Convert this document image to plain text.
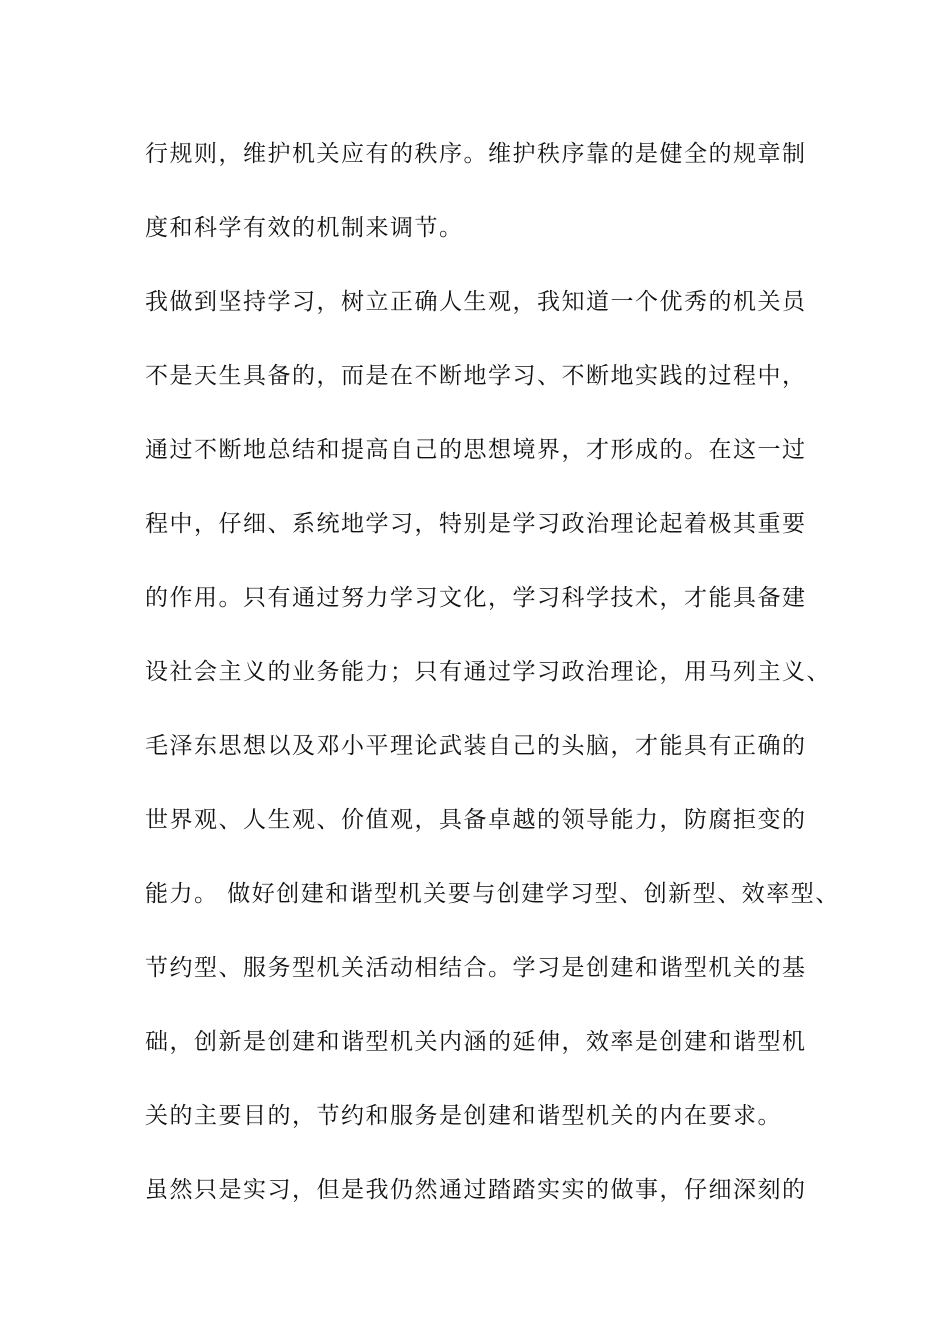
行规则，维护机关应有的秩序。维护秩序靠的是健全的规章制
度和科学有效的机制来调节。
我做到坚持学习，树立正确人生观，我知道一个优秀的机关员
不是天生具备的，而是在不断地学习、不断地实践的过程中，
通过不断地总结和提高自己的思想境界，才形成的。在这一过
程中，仔细、系统地学习，特别是学习政治理论起着极其重要
的作用。只有通过努力学习文化，学习科学技术，才能具备建
设社会主义的业务能力；只有通过学习政治理论，用马列主义、
毛泽东思想以及邓小平理论武装自己的头脑，才能具有正确的
世界观、人生观、价值观，具备卓越的领导能力，防腐拒变的
能力。 做好创建和谐型机关要与创建学习型、创新型、效率型、
节约型、服务型机关活动相结合。学习是创建和谐型机关的基
础，创新是创建和谐型机关内涵的延伸，效率是创建和谐型机
关的主要目的，节约和服务是创建和谐型机关的内在要求。
虽然只是实习，但是我仍然通过踏踏实实的做事，仔细深刻的
